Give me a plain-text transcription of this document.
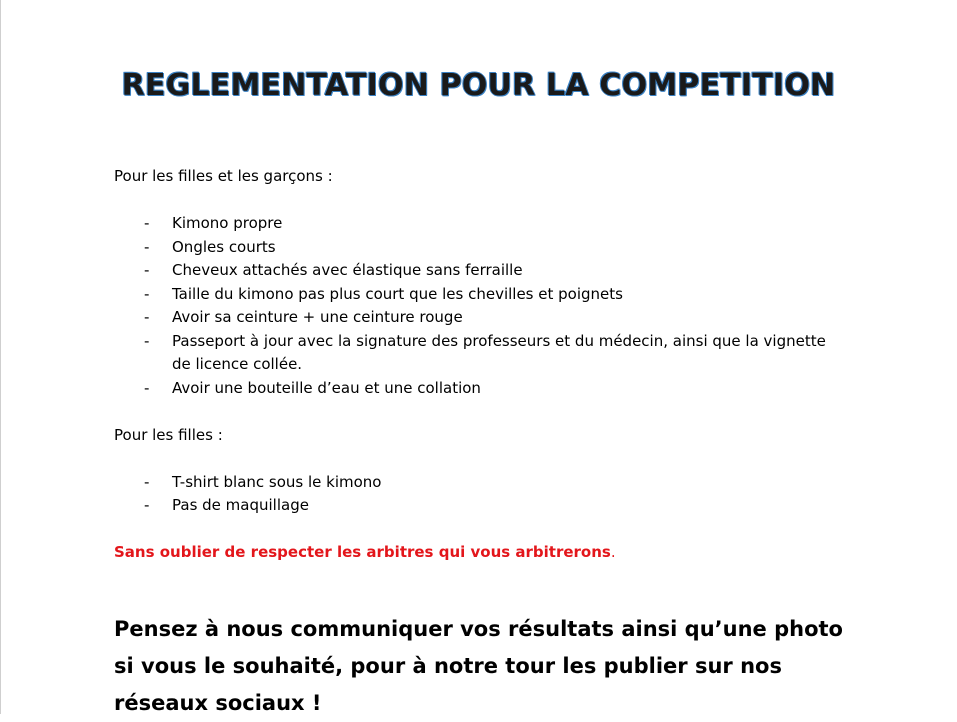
REGLEMENTATION POUR LA COMPETITION

Pour les filles et les garçons :

- Kimono propre
- Ongles courts
- Cheveux attachés avec élastique sans ferraille
- Taille du kimono pas plus court que les chevilles et poignets
- Avoir sa ceinture + une ceinture rouge
- Passeport à jour avec la signature des professeurs et du médecin, ainsi que la vignette de licence collée.
- Avoir une bouteille d’eau et une collation

Pour les filles :

- T-shirt blanc sous le kimono
- Pas de maquillage

Sans oublier de respecter les arbitres qui vous arbitrerons.

Pensez à nous communiquer vos résultats ainsi qu’une photo si vous le souhaité, pour à notre tour les publier sur nos réseaux sociaux !
